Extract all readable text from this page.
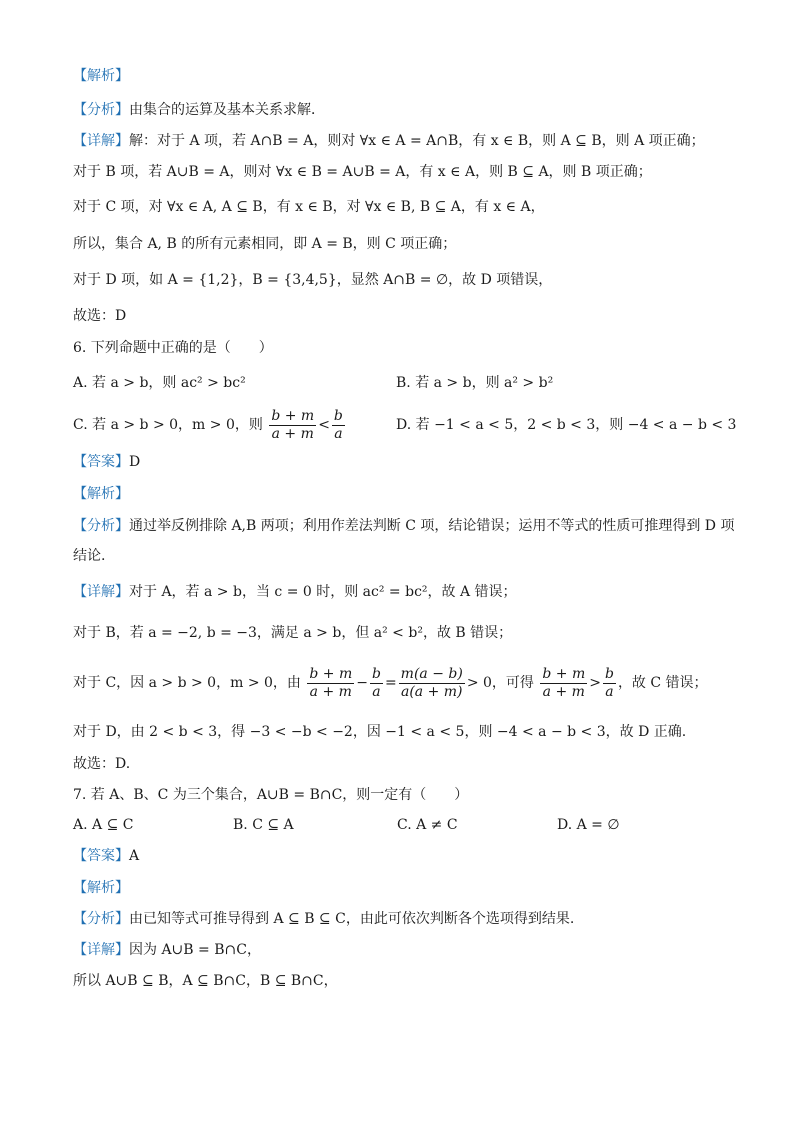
【解析】
【分析】由集合的运算及基本关系求解．
【详解】解：对于 A 项，若 A∩B = A，则对 ∀x ∈ A = A∩B，有 x ∈ B，则 A ⊆ B，则 A 项正确；
对于 B 项，若 A∪B = A，则对 ∀x ∈ B = A∪B = A，有 x ∈ A，则 B ⊆ A，则 B 项正确；
对于 C 项，对 ∀x ∈ A, A ⊆ B，有 x ∈ B，对 ∀x ∈ B, B ⊆ A，有 x ∈ A，
所以，集合 A, B 的所有元素相同，即 A = B，则 C 项正确；
对于 D 项，如 A = {1,2}，B = {3,4,5}，显然 A∩B = ∅，故 D 项错误，
故选：D
6. 下列命题中正确的是（　　）
A. 若 a > b，则 ac² > bc²	B. 若 a > b，则 a² > b²
C. 若 a > b > 0，m > 0，则 $\frac{b + m}{a + m} < \frac{b}{a}$	D. 若 −1 < a < 5，2 < b < 3，则 −4 < a − b < 3
【答案】D
【解析】
【分析】通过举反例排除 A,B 两项；利用作差法判断 C 项，结论错误；运用不等式的性质可推理得到 D 项
结论.
【详解】对于 A，若 a > b，当 c = 0 时，则 ac² = bc²，故 A 错误；
对于 B，若 a = −2, b = −3，满足 a > b，但 a² < b²，故 B 错误；
对于 C，因 a > b > 0，m > 0，由 $\frac{b + m}{a + m} - \frac{b}{a} = \frac{m(a - b)}{a(a + m)} > 0$，可得 $\frac{b + m}{a + m} > \frac{b}{a}$ ，故 C 错误；
对于 D，由 2 < b < 3，得 −3 < −b < −2，因 −1 < a < 5，则 −4 < a − b < 3，故 D 正确.
故选：D.
7. 若 A、B、C 为三个集合，A∪B = B∩C，则一定有（　　）
A. A ⊆ C	B. C ⊆ A	C. A ≠ C	D. A = ∅
【答案】A
【解析】
【分析】由已知等式可推导得到 A ⊆ B ⊆ C，由此可依次判断各个选项得到结果.
【详解】因为 A∪B = B∩C，
所以 A∪B ⊆ B，A ⊆ B∩C，B ⊆ B∩C，
